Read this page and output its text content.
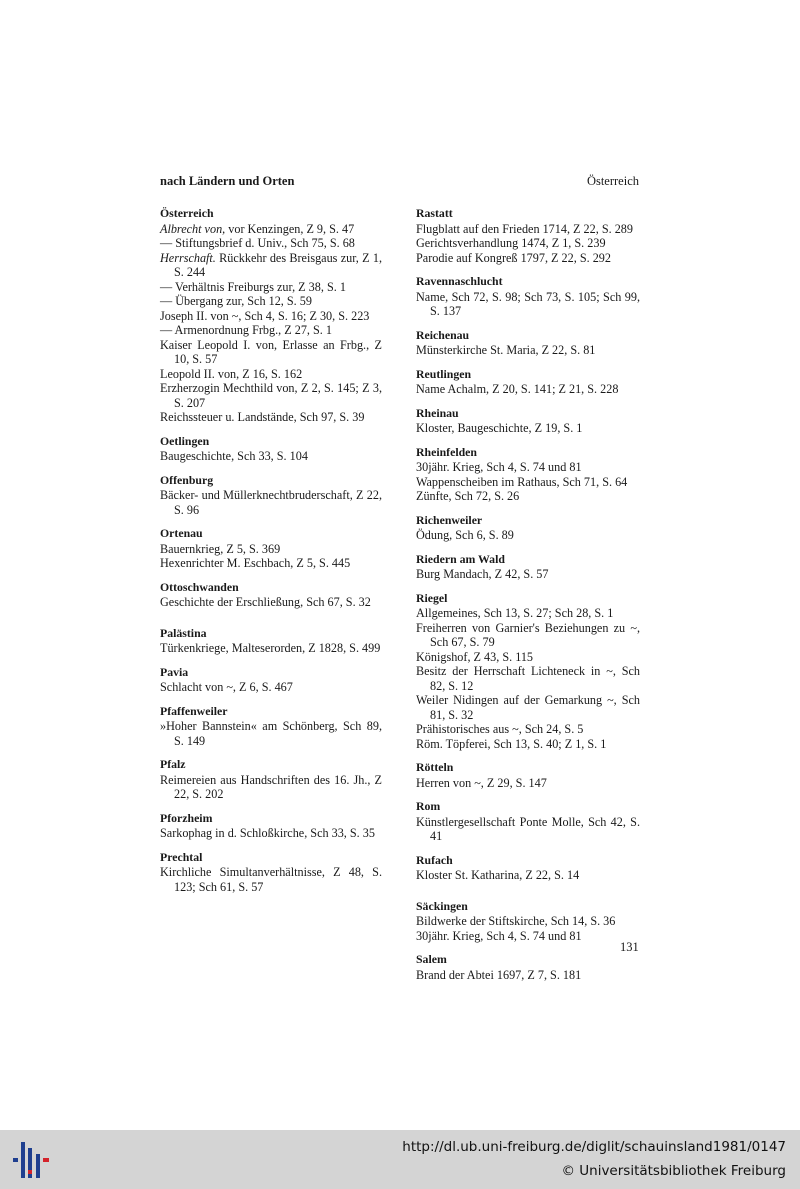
nach Ländern und Orten	Österreich
Österreich
Albrecht von, vor Kenzingen, Z 9, S. 47
— Stiftungsbrief d. Univ., Sch 75, S. 68
Herrschaft. Rückkehr des Breisgaus zur, Z 1, S. 244
— Verhältnis Freiburgs zur, Z 38, S. 1
— Übergang zur, Sch 12, S. 59
Joseph II. von ~, Sch 4, S. 16; Z 30, S. 223
— Armenordnung Frbg., Z 27, S. 1
Kaiser Leopold I. von, Erlasse an Frbg., Z 10, S. 57
Leopold II. von, Z 16, S. 162
Erzherzogin Mechthild von, Z 2, S. 145; Z 3, S. 207
Reichssteuer u. Landstände, Sch 97, S. 39
Oetlingen
Baugeschichte, Sch 33, S. 104
Offenburg
Bäcker- und Müllerknechtbruderschaft, Z 22, S. 96
Ortenau
Bauernkrieg, Z 5, S. 369
Hexenrichter M. Eschbach, Z 5, S. 445
Ottoschwanden
Geschichte der Erschließung, Sch 67, S. 32
Palästina
Türkenkriege, Malteserorden, Z 1828, S. 499
Pavia
Schlacht von ~, Z 6, S. 467
Pfaffenweiler
»Hoher Bannstein« am Schönberg, Sch 89, S. 149
Pfalz
Reimereien aus Handschriften des 16. Jh., Z 22, S. 202
Pforzheim
Sarkophag in d. Schloßkirche, Sch 33, S. 35
Prechtal
Kirchliche Simultanverhältnisse, Z 48, S. 123; Sch 61, S. 57
Rastatt
Flugblatt auf den Frieden 1714, Z 22, S. 289
Gerichtsverhandlung 1474, Z 1, S. 239
Parodie auf Kongreß 1797, Z 22, S. 292
Ravennaschlucht
Name, Sch 72, S. 98; Sch 73, S. 105; Sch 99, S. 137
Reichenau
Münsterkirche St. Maria, Z 22, S. 81
Reutlingen
Name Achalm, Z 20, S. 141; Z 21, S. 228
Rheinau
Kloster, Baugeschichte, Z 19, S. 1
Rheinfelden
30jähr. Krieg, Sch 4, S. 74 und 81
Wappenscheiben im Rathaus, Sch 71, S. 64
Zünfte, Sch 72, S. 26
Richenweiler
Ödung, Sch 6, S. 89
Riedern am Wald
Burg Mandach, Z 42, S. 57
Riegel
Allgemeines, Sch 13, S. 27; Sch 28, S. 1
Freiherren von Garnier's Beziehungen zu ~, Sch 67, S. 79
Königshof, Z 43, S. 115
Besitz der Herrschaft Lichteneck in ~, Sch 82, S. 12
Weiler Nidingen auf der Gemarkung ~, Sch 81, S. 32
Prähistorisches aus ~, Sch 24, S. 5
Röm. Töpferei, Sch 13, S. 40; Z 1, S. 1
Rötteln
Herren von ~, Z 29, S. 147
Rom
Künstlergesellschaft Ponte Molle, Sch 42, S. 41
Rufach
Kloster St. Katharina, Z 22, S. 14
Säckingen
Bildwerke der Stiftskirche, Sch 14, S. 36
30jähr. Krieg, Sch 4, S. 74 und 81
Salem
Brand der Abtei 1697, Z 7, S. 181
131
http://dl.ub.uni-freiburg.de/diglit/schauinsland1981/0147
© Universitätsbibliothek Freiburg
